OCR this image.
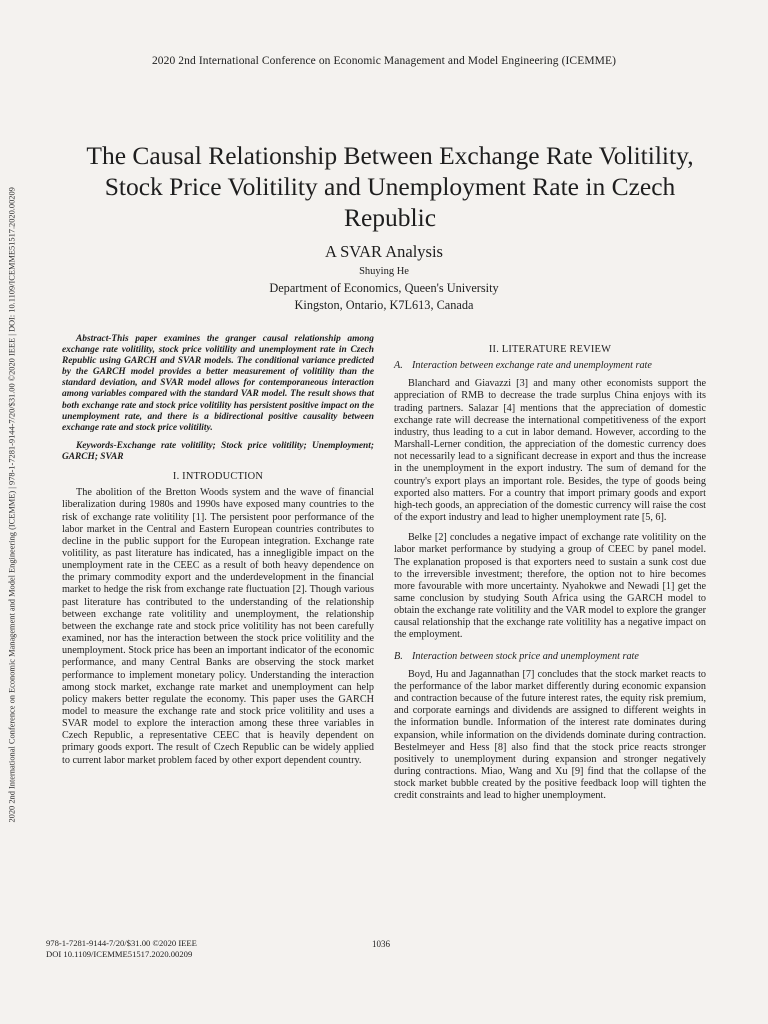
2020 2nd International Conference on Economic Management and Model Engineering (ICEMME)
2020 2nd International Conference on Economic Management and Model Engineering (ICEMME) | 978-1-7281-9144-7/20/$31.00 ©2020 IEEE | DOI: 10.1109/ICEMME51517.2020.00209
The Causal Relationship Between Exchange Rate Volitility, Stock Price Volitility and Unemployment Rate in Czech Republic
A SVAR Analysis
Shuying He
Department of Economics, Queen's University
Kingston, Ontario, K7L613, Canada

Abstract-This paper examines the granger causal relationship among exchange rate volitility, stock price volitility and unemployment rate in Czech Republic using GARCH and SVAR models. The conditional variance predicted by the GARCH model provides a better measurement of volitility than the standard deviation, and SVAR model allows for contemporaneous interaction among variables compared with the standard VAR model. The result shows that both exchange rate and stock price volitility has persistent positive impact on the unemployment rate, and there is a bidirectional positive causality between exchange rate and stock price volitility.

Keywords-Exchange rate volitility; Stock price volitility; Unemployment; GARCH; SVAR

I. INTRODUCTION

The abolition of the Bretton Woods system and the wave of financial liberalization during 1980s and 1990s have exposed many countries to the risk of exchange rate volitility [1]. The persistent poor performance of the labor market in the Central and Eastern European countries contributes to decline in the public support for the European integration. Exchange rate volitility, as past literature has indicated, has a innegligible impact on the unemployment rate in the CEEC as a result of both heavy dependence on the primary commodity export and the underdevelopment in the financial market to hedge the risk from exchange rate fluctuation [2]. Though various past literature has contributed to the understanding of the relationship between exchange rate volitility and unemployment, the relationship between the exchange rate and stock price volitility has not been carefully examined, nor has the interaction between the stock price volitility and the unemployment. Stock price has been an important indicator of the economic performance, and many Central Banks are observing the stock market performance to implement monetary policy. Understanding the interaction among stock market, exchange rate market and unemployment can help policy makers better regulate the economy. This paper uses the GARCH model to measure the exchange rate and stock price volitility and uses a SVAR model to explore the interaction among these three variables in Czech Republic, a representative CEEC that is heavily dependent on primary goods export. The result of Czech Republic can be widely applied to current labor market problem faced by other export dependent country.

II. LITERATURE REVIEW
A. Interaction between exchange rate and unemployment rate

Blanchard and Giavazzi [3] and many other economists support the appreciation of RMB to decrease the trade surplus China enjoys with its trading partners. Salazar [4] mentions that the appreciation of domestic exchange rate will decrease the international competitiveness of the export industry, thus leading to a cut in labor demand. However, according to the Marshall-Lerner condition, the appreciation of the domestic currency does not necessarily lead to a significant decrease in export and thus the increase in the unemployment in the export industry. The sum of demand for the country's export plays an important role. Besides, the type of goods being exported also matters. For a country that import primary goods and export high-tech goods, an appreciation of the domestic currency will raise the cost of the export industry and lead to higher unemployment rate [5, 6].

Belke [2] concludes a negative impact of exchange rate volitility on the labor market performance by studying a group of CEEC by panel model. The explanation proposed is that exporters need to sustain a sunk cost due to the irreversible investment; therefore, the option not to hire becomes more favourable with more uncertainty. Nyahokwe and Newadi [1] get the same conclusion by studying South Africa using the GARCH model to obtain the exchange rate volitility and the VAR model to explore the granger causal relationship that the exchange rate volitility has a negative impact on the employment.

B. Interaction between stock price and unemployment rate

Boyd, Hu and Jagannathan [7] concludes that the stock market reacts to the performance of the labor market differently during economic expansion and contraction because of the future interest rates, the equity risk premium, and corporate earnings and dividends are assigned to different weights in the information bundle. Information of the interest rate dominates during expansion, while information on the dividends dominate during contraction. Bestelmeyer and Hess [8] also find that the stock price reacts stronger positively to unemployment during expansion and stronger negatively during contractions. Miao, Wang and Xu [9] find that the collapse of the stock market bubble created by the positive feedback loop will tighten the credit constraints and lead to higher unemployment.

978-1-7281-9144-7/20/$31.00 ©2020 IEEE
DOI 10.1109/ICEMME51517.2020.00209
1036
